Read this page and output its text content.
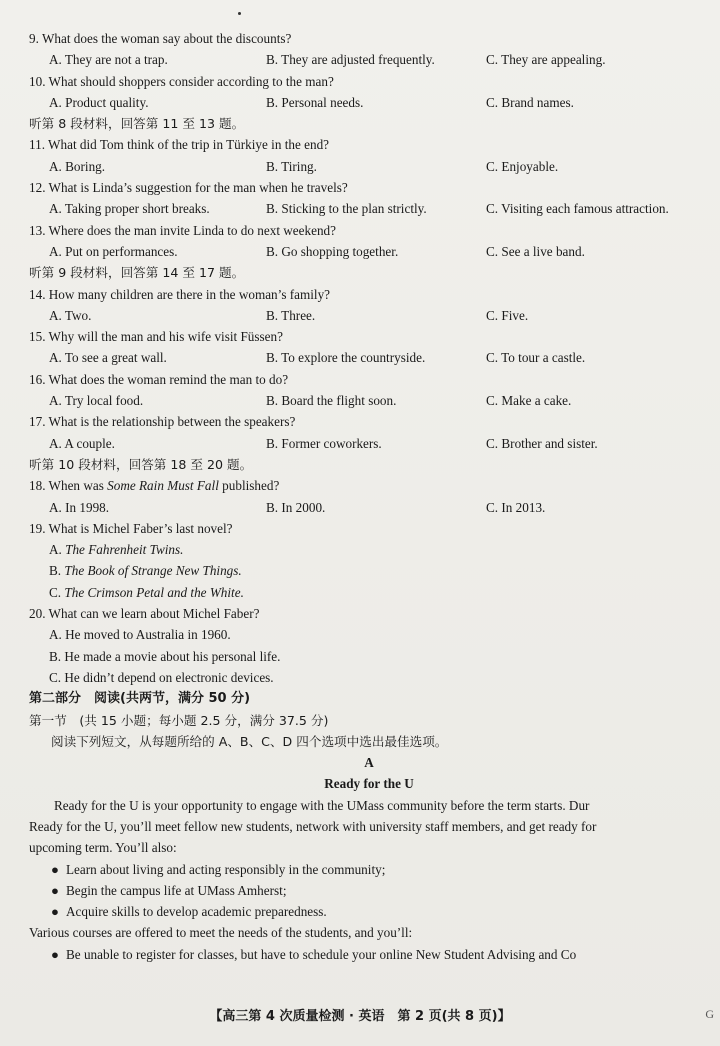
9. What does the woman say about the discounts?
A. They are not a trap.	B. They are adjusted frequently.	C. They are appealing.
10. What should shoppers consider according to the man?
A. Product quality.	B. Personal needs.	C. Brand names.
听第 8 段材料，回答第 11 至 13 题。
11. What did Tom think of the trip in Türkiye in the end?
A. Boring.	B. Tiring.	C. Enjoyable.
12. What is Linda’s suggestion for the man when he travels?
A. Taking proper short breaks.	B. Sticking to the plan strictly.	C. Visiting each famous attraction.
13. Where does the man invite Linda to do next weekend?
A. Put on performances.	B. Go shopping together.	C. See a live band.
听第 9 段材料，回答第 14 至 17 题。
14. How many children are there in the woman’s family?
A. Two.	B. Three.	C. Five.
15. Why will the man and his wife visit Füssen?
A. To see a great wall.	B. To explore the countryside.	C. To tour a castle.
16. What does the woman remind the man to do?
A. Try local food.	B. Board the flight soon.	C. Make a cake.
17. What is the relationship between the speakers?
A. A couple.	B. Former coworkers.	C. Brother and sister.
听第 10 段材料，回答第 18 至 20 题。
18. When was Some Rain Must Fall published?
A. In 1998.	B. In 2000.	C. In 2013.
19. What is Michel Faber’s last novel?
A. The Fahrenheit Twins.
B. The Book of Strange New Things.
C. The Crimson Petal and the White.
20. What can we learn about Michel Faber?
A. He moved to Australia in 1960.
B. He made a movie about his personal life.
C. He didn’t depend on electronic devices.
第二部分　阅读(共两节，满分 50 分)
第一节　(共 15 小题；每小题 2.5 分，满分 37.5 分)
阅读下列短文，从每题所给的 A、B、C、D 四个选项中选出最佳选项。
A
Ready for the U
Ready for the U is your opportunity to engage with the UMass community before the term starts. Dur
Ready for the U, you’ll meet fellow new students, network with university staff members, and get ready for
upcoming term. You’ll also:
● Learn about living and acting responsibly in the community;
● Begin the campus life at UMass Amherst;
● Acquire skills to develop academic preparedness.
Various courses are offered to meet the needs of the students, and you’ll:
● Be unable to register for classes, but have to schedule your online New Student Advising and Co
【高三第 4 次质量检测 · 英语　第 2 页(共 8 页)】	G
